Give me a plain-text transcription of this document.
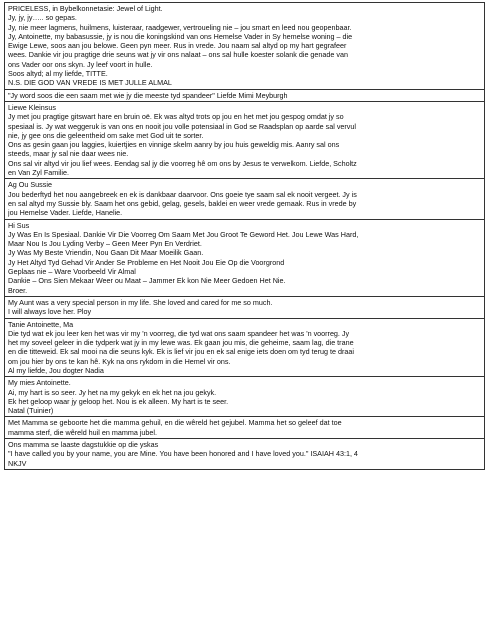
PRICELESS, in Bybelkonnetasie: Jewel of Light.
Jy, jy, jy….. so gepas.
Jy, nie meer lagmens, huilmens, luisteraar, raadgewer, vertroueling nie – jou smart en leed nou geopenbaar.
Jy, Antoinette, my babasussie, jy is nou die koningskind van ons Hemelse Vader in Sy hemelse woning – die
Ewige Lewe, soos aan jou belowe. Geen pyn meer. Rus in vrede. Jou naam sal altyd op my hart gegrafeer
wees. Dankie vir jou pragtige drie seuns wat jy vir ons nalaat – ons sal hulle koester solank die genade van
ons Vader oor ons skyn. Jy leef voort in hulle.
Soos altyd; al my liefde, TITTE.
N.S. DIE GOD VAN VREDE IS MET JULLE ALMAL
"Jy word soos die een saam met wie jy die meeste tyd spandeer" Liefde Mimi Meyburgh
Liewe Kleinsus
Jy met jou pragtige gitswart hare en bruin oë. Ek was altyd trots op jou en het met jou gespog omdat jy so
spesiaal is. Jy wat weggeruk is van ons en nooit jou volle potensiaal in God se Raadsplan op aarde sal vervul
nie, jy gee ons die geleentheid om sake met God uit te sorter.
Ons as gesin gaan jou laggies, kuiertjies en vinnige skelm aanry by jou huis geweldig mis. Aanry sal ons
steeds, maar jy sal nie daar wees nie.
Ons sal vir altyd vir jou lief wees. Eendag sal jy die voorreg hê om ons by Jesus te verwelkom. Liefde, Scholtz
en Van Zyl Familie.
Ag Ou Sussie
Jou bederftyd het nou aangebreek en ek is dankbaar daarvoor. Ons goeie tye saam sal ek nooit vergeet. Jy is
en sal altyd my Sussie bly. Saam het ons gebid, gelag, gesels, baklei en weer vrede gemaak. Rus in vrede by
jou Hemelse Vader. Liefde, Hanelie.
Hi Sus
Jy Was En Is Spesiaal. Dankie Vir Die Voorreg Om Saam Met Jou Groot Te Geword Het. Jou Lewe Was Hard,
Maar Nou Is Jou Lyding Verby – Geen Meer Pyn En Verdriet.
Jy Was My Beste Vriendin, Nou Gaan Dit Maar Moeilik Gaan.
Jy Het Altyd Tyd Gehad Vir Ander Se Probleme en Het Nooit Jou Eie Op die Voorgrond
Geplaas nie – Ware Voorbeeld Vir Almal
Dankie – Ons Sien Mekaar Weer ou Maat – Jammer Ek kon Nie Meer Gedoen Het Nie.
Broer.
My Aunt was a very special person in my life. She loved and cared for me so much.
I will always love her. Ploy
Tanie Antoinette, Ma
Die tyd wat ek jou leer ken het was vir my 'n voorreg, die tyd wat ons saam spandeer het was 'n voorreg. Jy
het my soveel geleer in die tydperk wat jy in my lewe was. Ek gaan jou mis, die geheime, saam lag, die trane
en die titteweid. Ek sal mooi na die seuns kyk. Ek is lief vir jou en ek sal enige iets doen om tyd terug te draai
om jou hier by ons te kan hê. Kyk na ons rykdom in die Hemel vir ons.
Al my liefde, Jou dogter Nadia
My mies Antoinette.
Ai, my hart is so seer. Jy het na my gekyk en ek het na jou gekyk.
Ek het geloop waar jy geloop het. Nou is ek alleen. My hart is te seer.
Natal (Tuinier)
Met Mamma se geboorte het die mamma gehuil, en die wêreld het gejubel. Mamma het so geleef dat toe
mamma sterf, die wêreld huil en mamma jubel.
Ons mamma se laaste dagstukkie op die yskas
"I have called you by your name, you are Mine. You have been honored and I have loved you." ISAIAH 43:1, 4
NKJV
